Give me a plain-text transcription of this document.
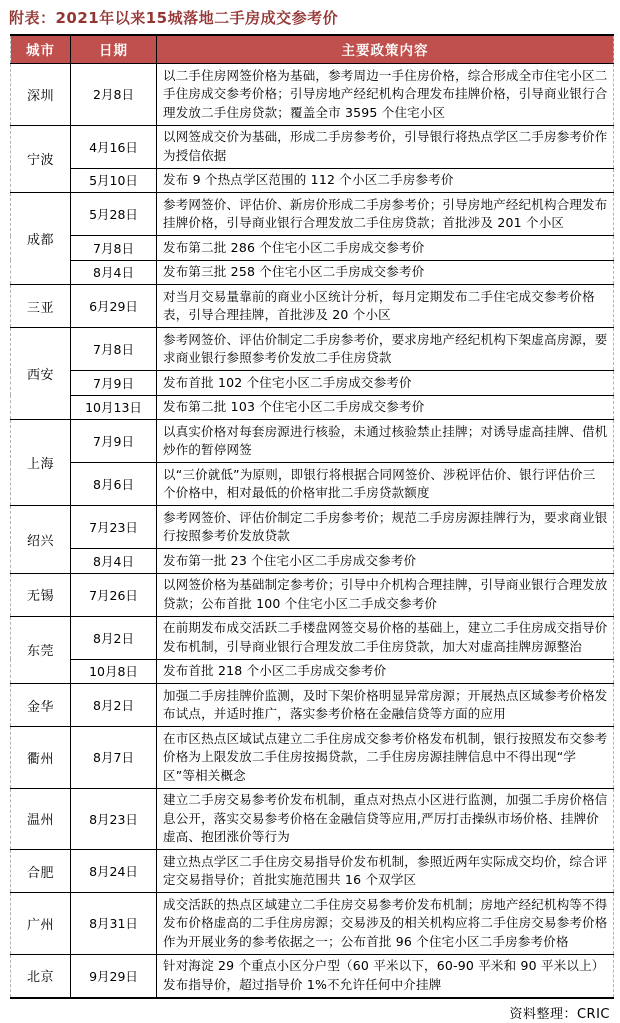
附表：2021年以来15城落地二手房成交参考价
城市	日期	主要政策内容
深圳	2月8日	以二手住房网签价格为基础，参考周边一手住房价格，综合形成全市住宅小区二手住房成交参考价格；引导房地产经纪机构合理发布挂牌价格，引导商业银行合理发放二手住房贷款；覆盖全市 3595 个住宅小区
宁波	4月16日	以网签成交价为基础，形成二手房参考价，引导银行将热点学区二手房参考价作为授信依据
	5月10日	发布 9 个热点学区范围的 112 个小区二手房参考价
成都	5月28日	参考网签价、评估价、新房价形成二手房参考价；引导房地产经纪机构合理发布挂牌价格，引导商业银行合理发放二手住房贷款；首批涉及 201 个小区
	7月8日	发布第二批 286 个住宅小区二手房成交参考价
	8月4日	发布第三批 258 个住宅小区二手房成交参考价
三亚	6月29日	对当月交易量靠前的商业小区统计分析，每月定期发布二手住宅成交参考价格表，引导合理挂牌，首批涉及 20 个小区
西安	7月8日	参考网签价、评估价制定二手房参考价，要求房地产经纪机构下架虚高房源，要求商业银行参照参考价发放二手住房贷款
	7月9日	发布首批 102 个住宅小区二手房成交参考价
	10月13日	发布第二批 103 个住宅小区二手房成交参考价
上海	7月9日	以真实价格对每套房源进行核验，未通过核验禁止挂牌；对诱导虚高挂牌、借机炒作的暂停网签
	8月6日	以“三价就低”为原则，即银行将根据合同网签价、涉税评估价、银行评估价三个价格中，相对最低的价格审批二手房贷款额度
绍兴	7月23日	参考网签价、评估价制定二手房参考价；规范二手房房源挂牌行为，要求商业银行按照参考价发放贷款
	8月4日	发布第一批 23 个住宅小区二手房成交参考价
无锡	7月26日	以网签价格为基础制定参考价；引导中介机构合理挂牌，引导商业银行合理发放贷款；公布首批 100 个住宅小区二手成交参考价
东莞	8月2日	在前期发布成交活跃二手楼盘网签交易价格的基础上，建立二手住房成交指导价发布机制，引导商业银行合理发放二手住房贷款，加大对虚高挂牌房源整治
	10月8日	发布首批 218 个小区二手房成交参考价
金华	8月2日	加强二手房挂牌价监测，及时下架价格明显异常房源；开展热点区域参考价格发布试点，并适时推广，落实参考价格在金融信贷等方面的应用
衢州	8月7日	在市区热点区域试点建立二手住房成交参考价格发布机制，银行按照发布交参考价格为上限发放二手住房按揭贷款，二手住房房源挂牌信息中不得出现“学区”等相关概念
温州	8月23日	建立二手房交易参考价发布机制，重点对热点小区进行监测，加强二手房价格信息公开，落实交易参考价格在金融信贷等应用,严厉打击操纵市场价格、挂牌价虚高、抱团涨价等行为
合肥	8月24日	建立热点学区二手住房交易指导价发布机制，参照近两年实际成交均价，综合评定交易指导价；首批实施范围共 16 个双学区
广州	8月31日	成交活跃的热点区域建立二手住房交易参考价发布机制；房地产经纪机构等不得发布价格虚高的二手住房房源；交易涉及的相关机构应将二手住房交易参考价格作为开展业务的参考依据之一；公布首批 96 个住宅小区二手房参考价格
北京	9月29日	针对海淀 29 个重点小区分户型（60 平米以下，60-90 平米和 90 平米以上）发布指导价，超过指导价 1%不允许任何中介挂牌
资料整理：CRIC
